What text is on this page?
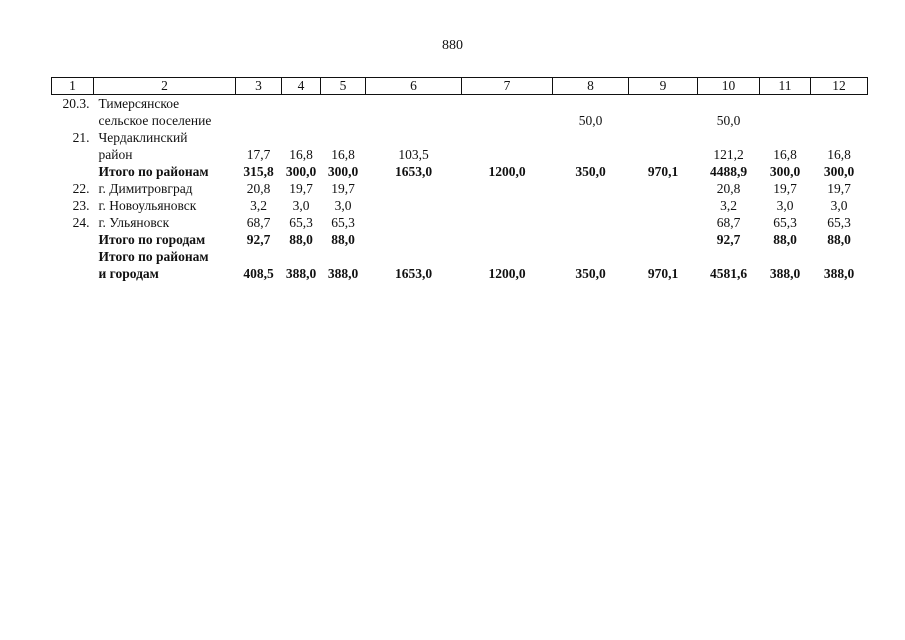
880
1	2	3	4	5	6	7	8	9	10	11	12
20.3.	Тимерсянское
сельское поселение						50,0		50,0		
21.	Чердаклинский
район	17,7	16,8	16,8	103,5				121,2	16,8	16,8

	Итого по районам	315,8	300,0	300,0	1653,0	1200,0	350,0	970,1	4488,9	300,0	300,0
22.	г. Димитровград	20,8	19,7	19,7					20,8	19,7	19,7
23.	г. Новоульяновск	3,2	3,0	3,0					3,2	3,0	3,0
24.	г. Ульяновск	68,7	65,3	65,3					68,7	65,3	65,3

	Итого по городам	92,7	88,0	88,0					92,7	88,0	88,0

	Итого по районам
и городам	408,5	388,0	388,0	1653,0	1200,0	350,0	970,1	4581,6	388,0	388,0
